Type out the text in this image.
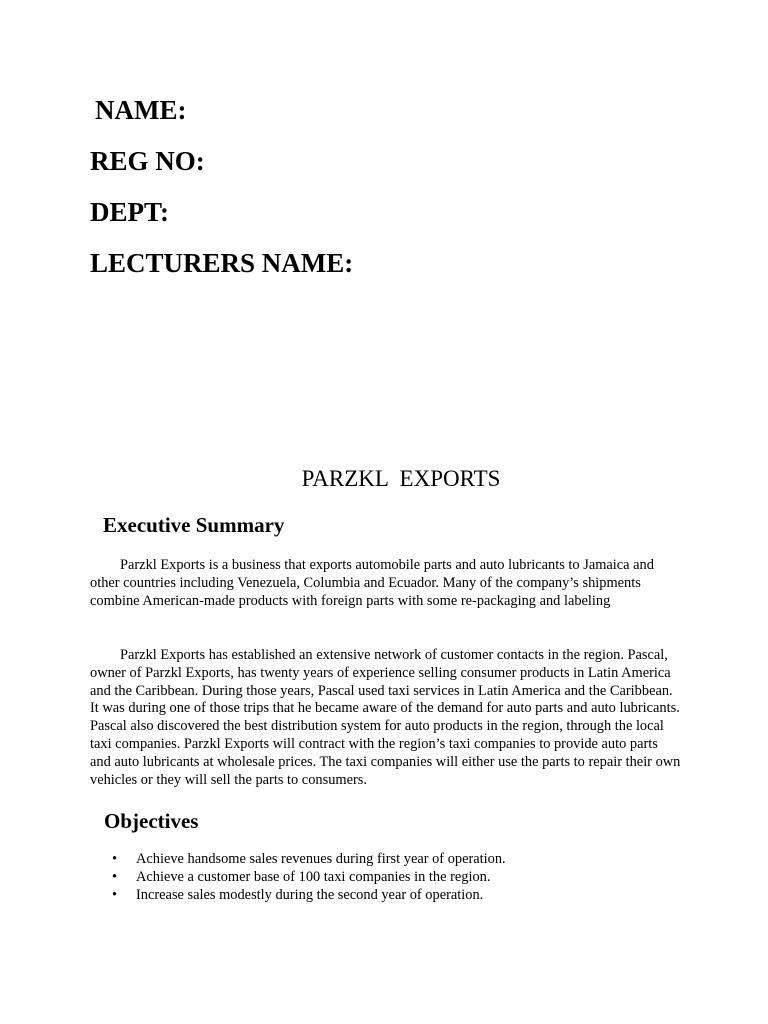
NAME:
REG NO:
DEPT:
LECTURERS NAME:
PARZKL  EXPORTS
Executive Summary

Parzkl Exports is a business that exports automobile parts and auto lubricants to Jamaica and other countries including Venezuela, Columbia and Ecuador. Many of the company’s shipments combine American-made products with foreign parts with some re-packaging and labeling

Parzkl Exports has established an extensive network of customer contacts in the region. Pascal, owner of Parzkl Exports, has twenty years of experience selling consumer products in Latin America and the Caribbean. During those years, Pascal used taxi services in Latin America and the Caribbean. It was during one of those trips that he became aware of the demand for auto parts and auto lubricants. Pascal also discovered the best distribution system for auto products in the region, through the local taxi companies. Parzkl Exports will contract with the region’s taxi companies to provide auto parts and auto lubricants at wholesale prices. The taxi companies will either use the parts to repair their own vehicles or they will sell the parts to consumers.

Objectives
• Achieve handsome sales revenues during first year of operation.
• Achieve a customer base of 100 taxi companies in the region.
• Increase sales modestly during the second year of operation.
